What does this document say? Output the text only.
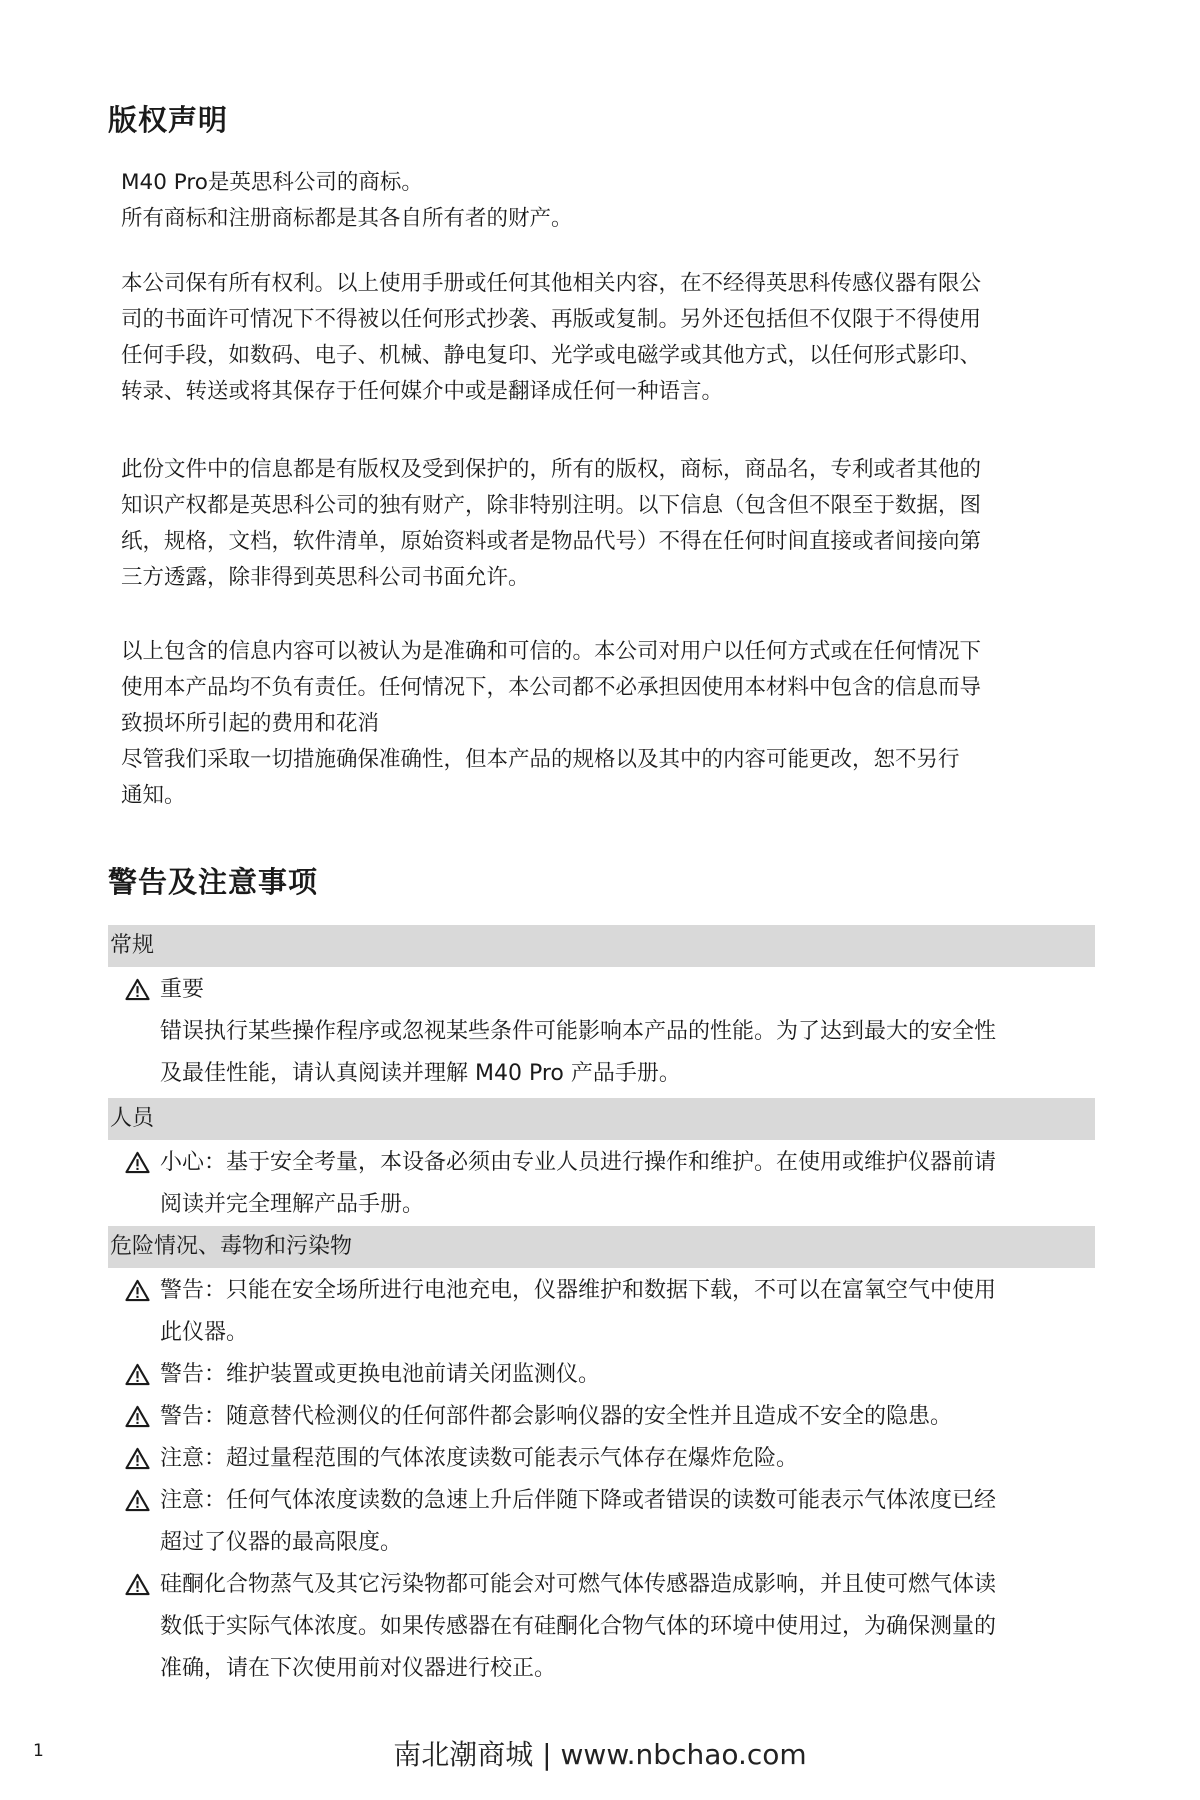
版权声明
M40 Pro是英思科公司的商标。
所有商标和注册商标都是其各自所有者的财产。
本公司保有所有权利。以上使用手册或任何其他相关内容，在不经得英思科传感仪器有限公
司的书面许可情况下不得被以任何形式抄袭、再版或复制。另外还包括但不仅限于不得使用
任何手段，如数码、电子、机械、静电复印、光学或电磁学或其他方式，以任何形式影印、
转录、转送或将其保存于任何媒介中或是翻译成任何一种语言。
此份文件中的信息都是有版权及受到保护的，所有的版权，商标，商品名，专利或者其他的
知识产权都是英思科公司的独有财产，除非特别注明。以下信息（包含但不限至于数据，图
纸，规格，文档，软件清单，原始资料或者是物品代号）不得在任何时间直接或者间接向第
三方透露，除非得到英思科公司书面允许。
以上包含的信息内容可以被认为是准确和可信的。本公司对用户以任何方式或在任何情况下
使用本产品均不负有责任。任何情况下，本公司都不必承担因使用本材料中包含的信息而导
致损坏所引起的费用和花消
尽管我们采取一切措施确保准确性，但本产品的规格以及其中的内容可能更改，恕不另行
通知。
警告及注意事项
常规
重要
错误执行某些操作程序或忽视某些条件可能影响本产品的性能。为了达到最大的安全性
及最佳性能，请认真阅读并理解 M40 Pro 产品手册。
人员
小心：基于安全考量，本设备必须由专业人员进行操作和维护。在使用或维护仪器前请
阅读并完全理解产品手册。
危险情况、毒物和污染物
警告：只能在安全场所进行电池充电，仪器维护和数据下载，不可以在富氧空气中使用
此仪器。
警告：维护装置或更换电池前请关闭监测仪。
警告：随意替代检测仪的任何部件都会影响仪器的安全性并且造成不安全的隐患。
注意：超过量程范围的气体浓度读数可能表示气体存在爆炸危险。
注意：任何气体浓度读数的急速上升后伴随下降或者错误的读数可能表示气体浓度已经
超过了仪器的最高限度。
硅酮化合物蒸气及其它污染物都可能会对可燃气体传感器造成影响，并且使可燃气体读
数低于实际气体浓度。如果传感器在有硅酮化合物气体的环境中使用过，为确保测量的
准确，请在下次使用前对仪器进行校正。
1	南北潮商城 | www.nbchao.com
